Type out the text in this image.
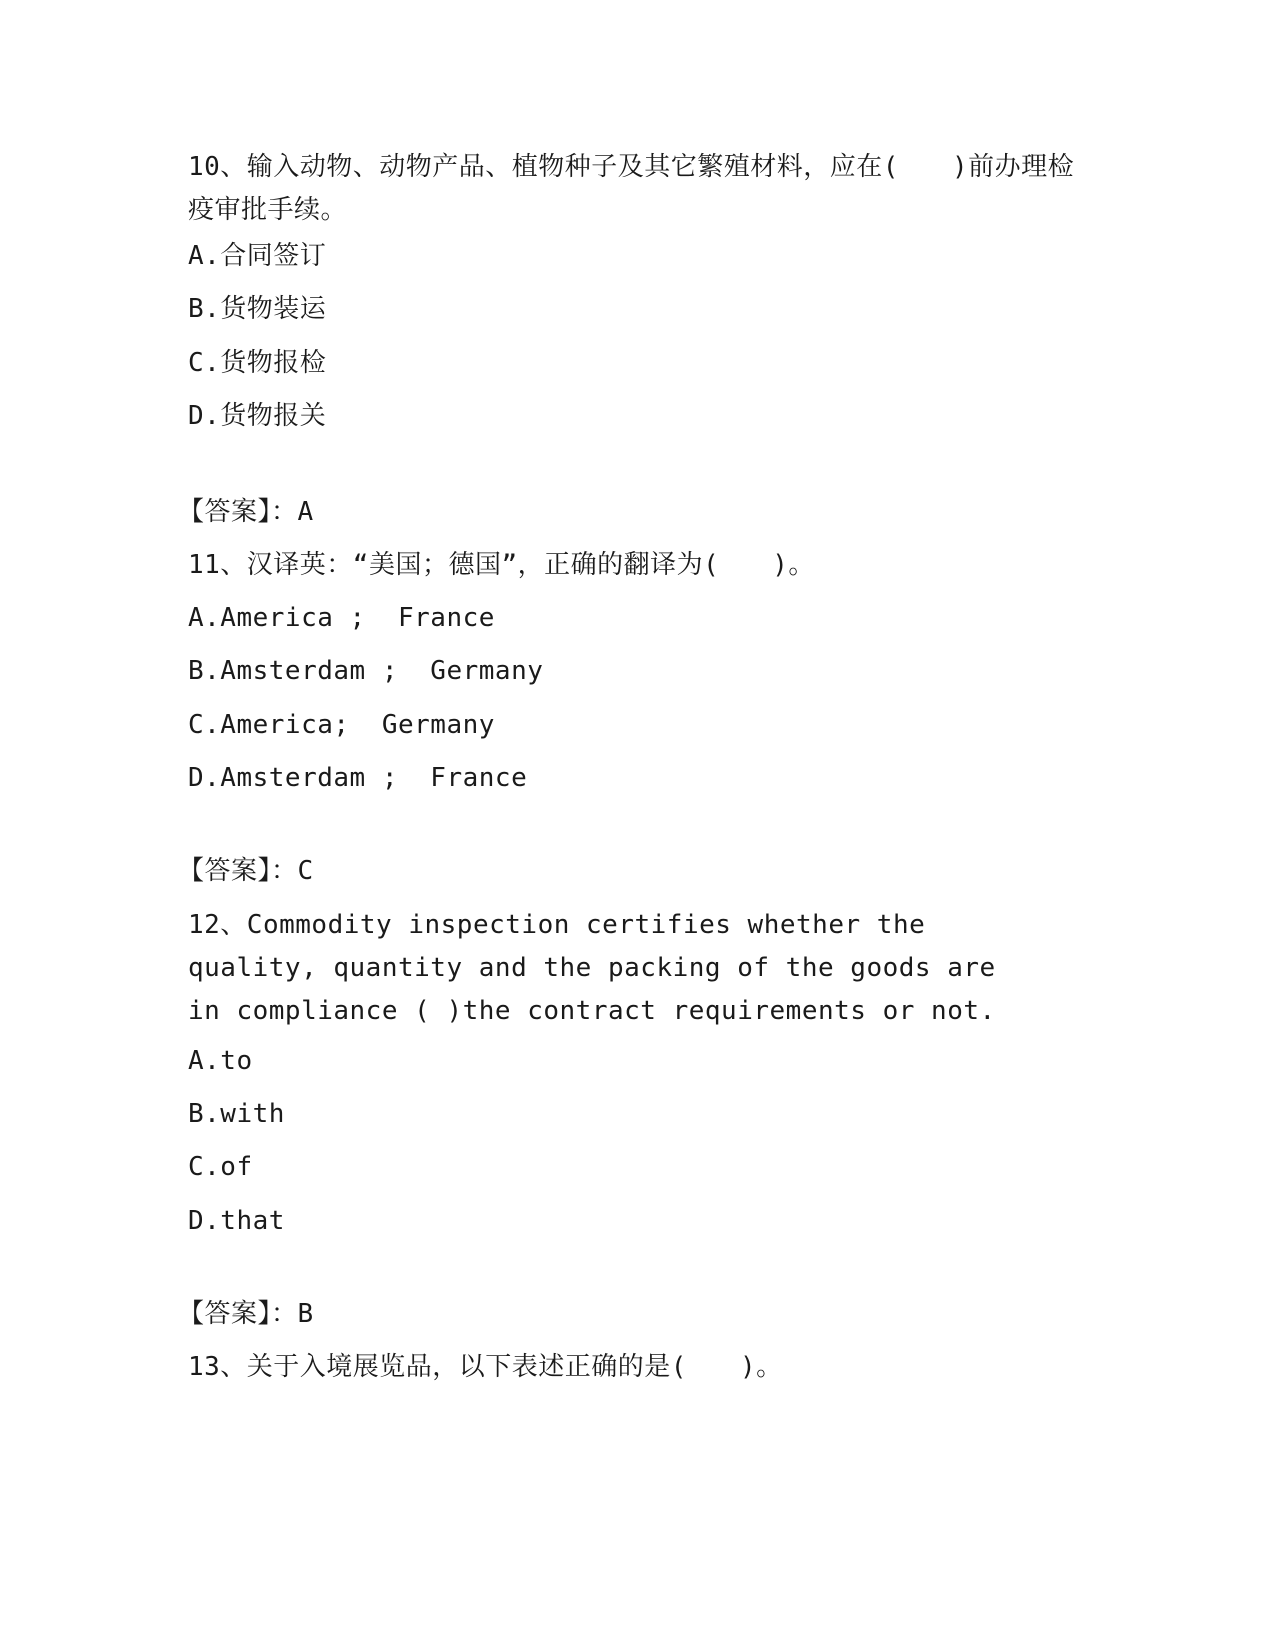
10、输入动物、动物产品、植物种子及其它繁殖材料，应在(　　)前办理检疫审批手续。
A.合同签订
B.货物装运
C.货物报检
D.货物报关
【答案】：A
11、汉译英：“美国；德国”，正确的翻译为(　　)。
A.America ;  France
B.Amsterdam ;  Germany
C.America;  Germany
D.Amsterdam ;  France
【答案】：C
12、Commodity inspection certifies whether the quality, quantity and the packing of the goods are in compliance ( )the contract requirements or not.
A.to
B.with
C.of
D.that
【答案】：B
13、关于入境展览品，以下表述正确的是(　　)。
